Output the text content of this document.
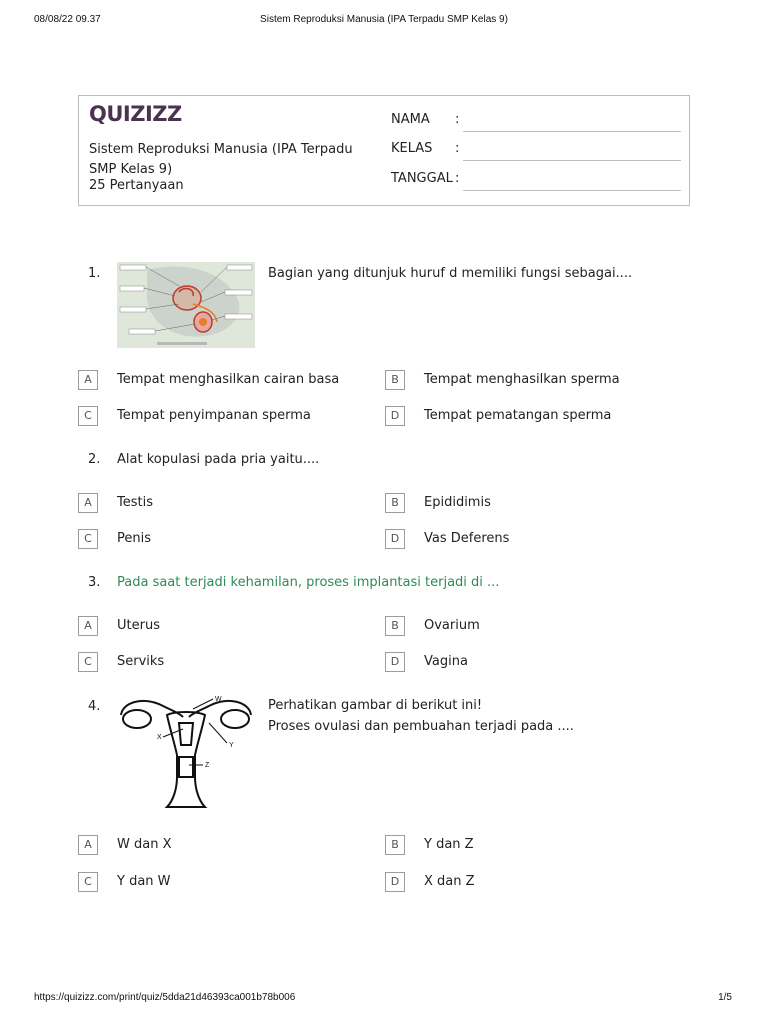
08/08/22 09.37	Sistem Reproduksi Manusia (IPA Terpadu SMP Kelas 9)
QUIZIZZ
Sistem Reproduksi Manusia (IPA Terpadu SMP Kelas 9)
25 Pertanyaan
NAMA :
KELAS :
TANGGAL :
1.	Bagian yang ditunjuk huruf d memiliki fungsi sebagai....
A	Tempat menghasilkan cairan basa	B	Tempat menghasilkan sperma
C	Tempat penyimpanan sperma	D	Tempat pematangan sperma
2. Alat kopulasi pada pria yaitu....
A	Testis	B	Epididimis
C	Penis	D	Vas Deferens
3. Pada saat terjadi kehamilan, proses implantasi terjadi di ...
A	Uterus	B	Ovarium
C	Serviks	D	Vagina
4.	W
X
Y
Z
Perhatikan gambar di berikut ini!
Proses ovulasi dan pembuahan terjadi pada ....
A	W dan X	B	Y dan Z
C	Y dan W	D	X dan Z
https://quizizz.com/print/quiz/5dda21d46393ca001b78b006	1/5
